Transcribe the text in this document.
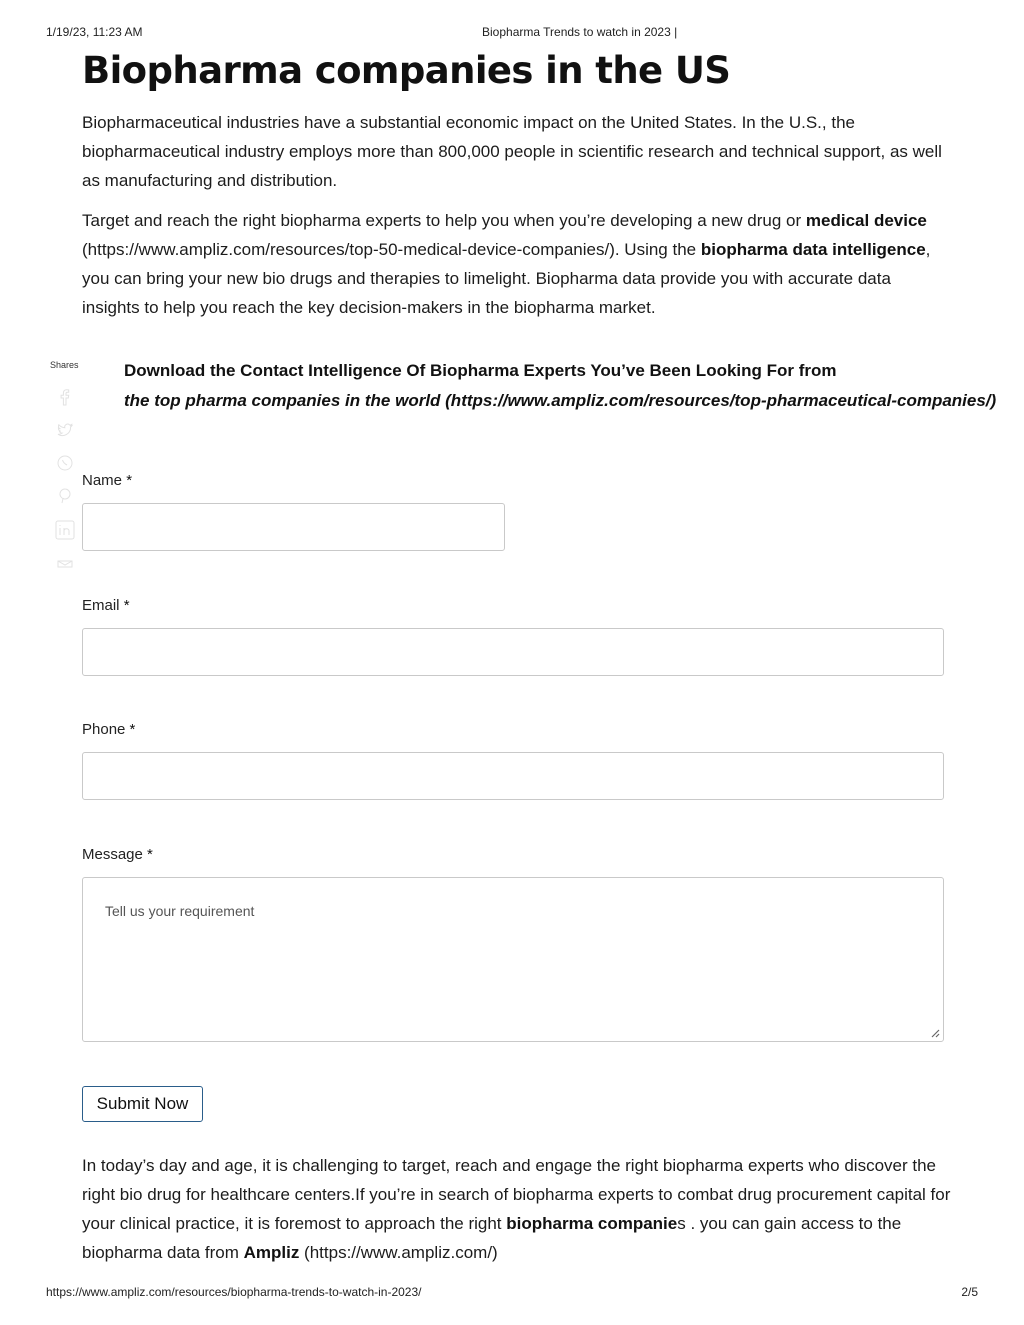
1/19/23, 11:23 AM	Biopharma Trends to watch in 2023 |
Biopharma companies in the US

Biopharmaceutical industries have a substantial economic impact on the United States. In the U.S., the biopharmaceutical industry employs more than 800,000 people in scientific research and technical support, as well as manufacturing and distribution.

Target and reach the right biopharma experts to help you when you’re developing a new drug or medical device (https://www.ampliz.com/resources/top-50-medical-device-companies/). Using the biopharma data intelligence, you can bring your new bio drugs and therapies to limelight. Biopharma data provide you with accurate data insights to help you reach the key decision-makers in the biopharma market.

Shares	Download the Contact Intelligence Of Biopharma Experts You’ve Been Looking For from
the top pharma companies in the world (https://www.ampliz.com/resources/top-pharmaceutical-companies/)
Name *
Email *
Phone *
Message *
Tell us your requirement
Submit Now

In today’s day and age, it is challenging to target, reach and engage the right biopharma experts who discover the right bio drug for healthcare centers.If you’re in search of biopharma experts to combat drug procurement capital for your clinical practice, it is foremost to approach the right biopharma companies . you can gain access to the biopharma data from Ampliz (https://www.ampliz.com/)

https://www.ampliz.com/resources/biopharma-trends-to-watch-in-2023/	2/5
